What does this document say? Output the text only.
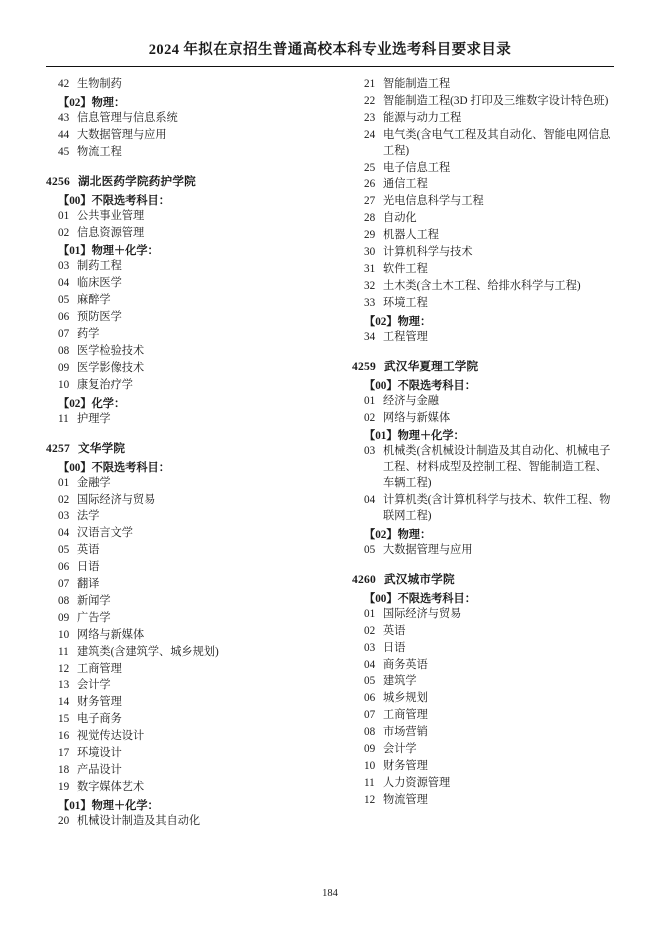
2024 年拟在京招生普通高校本科专业选考科目要求目录
42 生物制药
【02】物理：
43 信息管理与信息系统
44 大数据管理与应用
45 物流工程
4256 湖北医药学院药护学院
【00】不限选考科目：
01 公共事业管理
02 信息资源管理
【01】物理＋化学：
03 制药工程
04 临床医学
05 麻醉学
06 预防医学
07 药学
08 医学检验技术
09 医学影像技术
10 康复治疗学
【02】化学：
11 护理学
4257 文华学院
【00】不限选考科目：
01 金融学
02 国际经济与贸易
03 法学
04 汉语言文学
05 英语
06 日语
07 翻译
08 新闻学
09 广告学
10 网络与新媒体
11 建筑类(含建筑学、城乡规划)
12 工商管理
13 会计学
14 财务管理
15 电子商务
16 视觉传达设计
17 环境设计
18 产品设计
19 数字媒体艺术
【01】物理＋化学：
20 机械设计制造及其自动化
21 智能制造工程
22 智能制造工程(3D 打印及三维数字设计特色班)
23 能源与动力工程
24 电气类(含电气工程及其自动化、智能电网信息工程)
25 电子信息工程
26 通信工程
27 光电信息科学与工程
28 自动化
29 机器人工程
30 计算机科学与技术
31 软件工程
32 土木类(含土木工程、给排水科学与工程)
33 环境工程
【02】物理：
34 工程管理
4259 武汉华夏理工学院
【00】不限选考科目：
01 经济与金融
02 网络与新媒体
【01】物理＋化学：
03 机械类(含机械设计制造及其自动化、机械电子工程、材料成型及控制工程、智能制造工程、车辆工程)
04 计算机类(含计算机科学与技术、软件工程、物联网工程)
【02】物理：
05 大数据管理与应用
4260 武汉城市学院
【00】不限选考科目：
01 国际经济与贸易
02 英语
03 日语
04 商务英语
05 建筑学
06 城乡规划
07 工商管理
08 市场营销
09 会计学
10 财务管理
11 人力资源管理
12 物流管理
184
